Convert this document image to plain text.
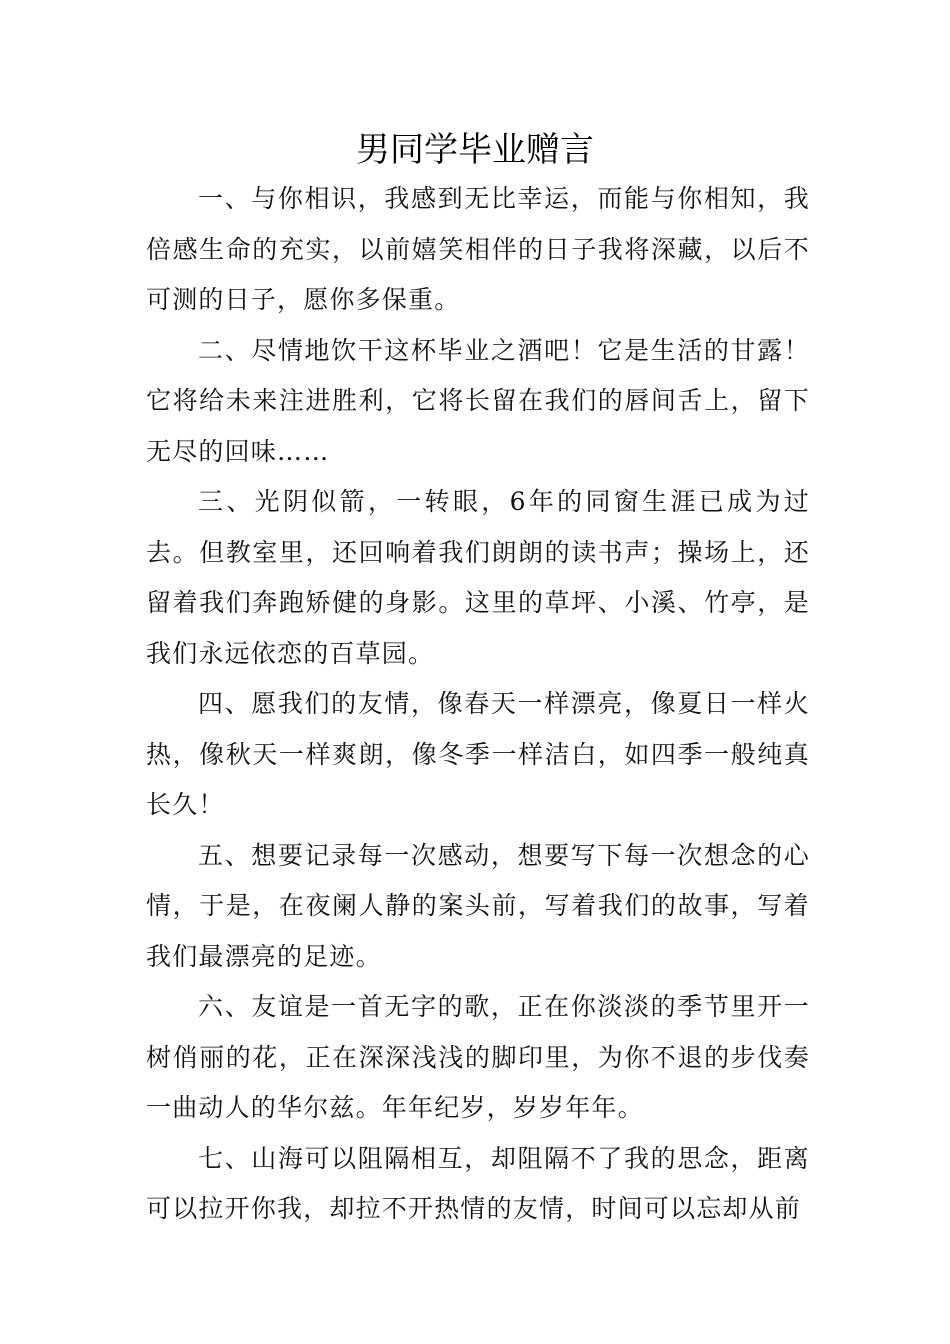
男同学毕业赠言

一、与你相识，我感到无比幸运，而能与你相知，我倍感生命的充实，以前嬉笑相伴的日子我将深藏，以后不可测的日子，愿你多保重。

二、尽情地饮干这杯毕业之酒吧！它是生活的甘露！它将给未来注进胜利，它将长留在我们的唇间舌上，留下无尽的回味……

三、光阴似箭，一转眼，6年的同窗生涯已成为过去。但教室里，还回响着我们朗朗的读书声；操场上，还留着我们奔跑矫健的身影。这里的草坪、小溪、竹亭，是我们永远依恋的百草园。

四、愿我们的友情，像春天一样漂亮，像夏日一样火热，像秋天一样爽朗，像冬季一样洁白，如四季一般纯真长久！

五、想要记录每一次感动，想要写下每一次想念的心情，于是，在夜阑人静的案头前，写着我们的故事，写着我们最漂亮的足迹。

六、友谊是一首无字的歌，正在你淡淡的季节里开一树俏丽的花，正在深深浅浅的脚印里，为你不退的步伐奏一曲动人的华尔兹。年年纪岁，岁岁年年。

七、山海可以阻隔相互，却阻隔不了我的思念，距离可以拉开你我，却拉不开热情的友情，时间可以忘却从前
